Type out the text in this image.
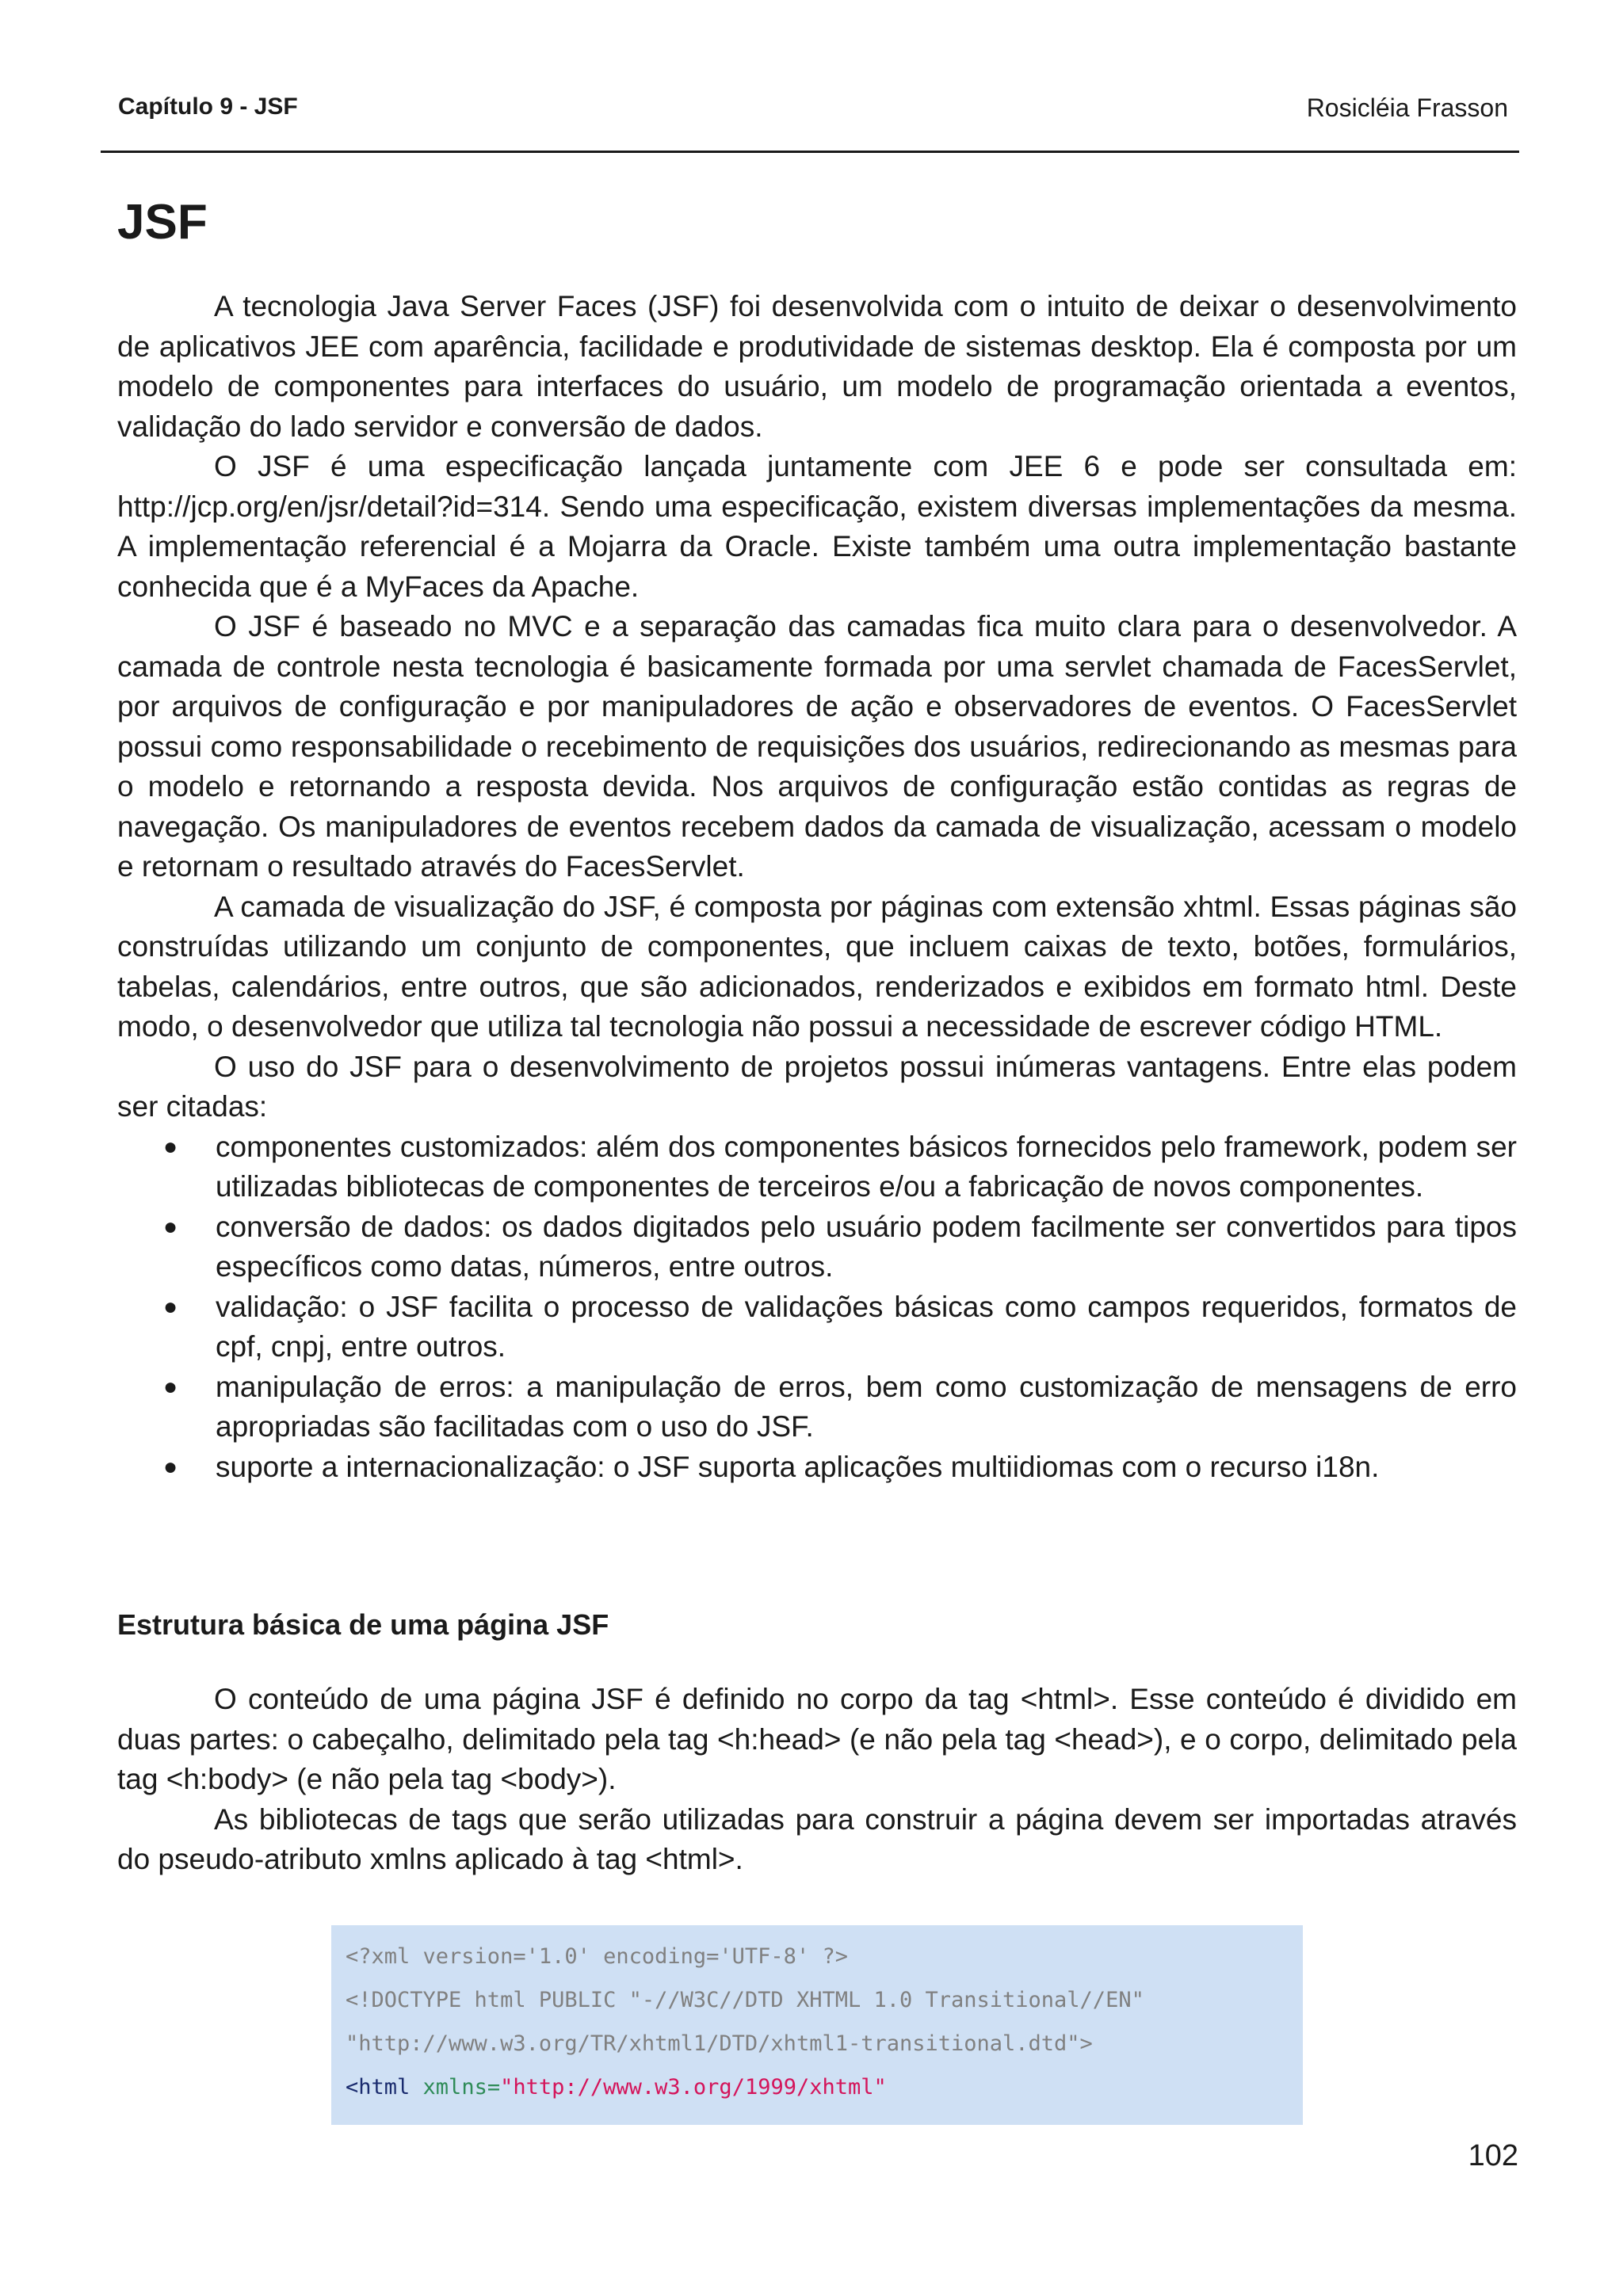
Capítulo 9 - JSF	Rosicléia Frasson
JSF

A tecnologia Java Server Faces (JSF) foi desenvolvida com o intuito de deixar o desenvolvimento de aplicativos JEE com aparência, facilidade e produtividade de sistemas desktop. Ela é composta por um modelo de componentes para interfaces do usuário, um modelo de programação orientada a eventos, validação do lado servidor e conversão de dados.

O JSF é uma especificação lançada juntamente com JEE 6 e pode ser consultada em: http://jcp.org/en/jsr/detail?id=314. Sendo uma especificação, existem diversas implementações da mesma. A implementação referencial é a Mojarra da Oracle. Existe também uma outra implementação bastante conhecida que é a MyFaces da Apache.

O JSF é baseado no MVC e a separação das camadas fica muito clara para o desenvolvedor. A camada de controle nesta tecnologia é basicamente formada por uma servlet chamada de FacesServlet, por arquivos de configuração e por manipuladores de ação e observadores de eventos. O FacesServlet possui como responsabilidade o recebimento de requisições dos usuários, redirecionando as mesmas para o modelo e retornando a resposta devida. Nos arquivos de configuração estão contidas as regras de navegação. Os manipuladores de eventos recebem dados da camada de visualização, acessam o modelo e retornam o resultado através do FacesServlet.

A camada de visualização do JSF, é composta por páginas com extensão xhtml. Essas páginas são construídas utilizando um conjunto de componentes, que incluem caixas de texto, botões, formulários, tabelas, calendários, entre outros, que são adicionados, renderizados e exibidos em formato html. Deste modo, o desenvolvedor que utiliza tal tecnologia não possui a necessidade de escrever código HTML.

O uso do JSF para o desenvolvimento de projetos possui inúmeras vantagens. Entre elas podem ser citadas:

● componentes customizados: além dos componentes básicos fornecidos pelo framework, podem ser utilizadas bibliotecas de componentes de terceiros e/ou a fabricação de novos componentes.
● conversão de dados: os dados digitados pelo usuário podem facilmente ser convertidos para tipos específicos como datas, números, entre outros.
● validação: o JSF facilita o processo de validações básicas como campos requeridos, formatos de cpf, cnpj, entre outros.
● manipulação de erros: a manipulação de erros, bem como customização de mensagens de erro apropriadas são facilitadas com o uso do JSF.
● suporte a internacionalização: o JSF suporta aplicações multiidiomas com o recurso i18n.
Estrutura básica de uma página JSF

O conteúdo de uma página JSF é definido no corpo da tag <html>. Esse conteúdo é dividido em duas partes: o cabeçalho, delimitado pela tag <h:head> (e não pela tag <head>), e o corpo, delimitado pela tag <h:body> (e não pela tag <body>).

As bibliotecas de tags que serão utilizadas para construir a página devem ser importadas através do pseudo-atributo xmlns aplicado à tag <html>.

<?xml version='1.0' encoding='UTF-8' ?>
<!DOCTYPE html PUBLIC "-//W3C//DTD XHTML 1.0 Transitional//EN"
"http://www.w3.org/TR/xhtml1/DTD/xhtml1-transitional.dtd">
<html xmlns="http://www.w3.org/1999/xhtml"
102
